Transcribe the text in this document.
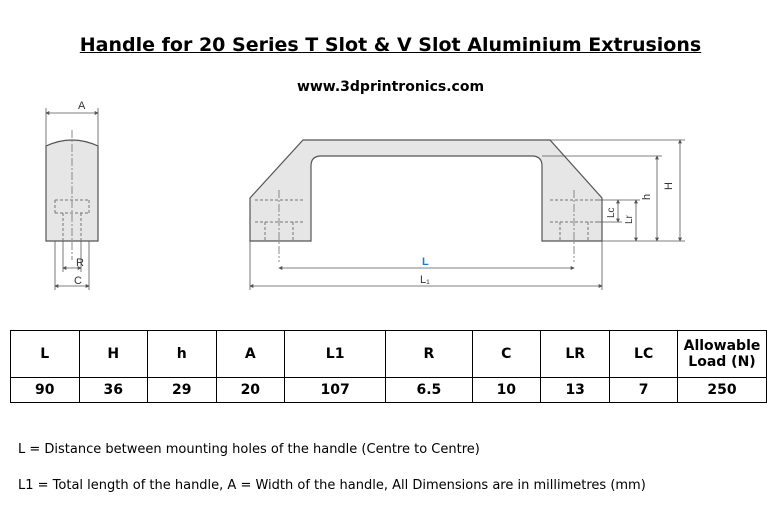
Handle for 20 Series T Slot & V Slot Aluminium Extrusions
www.3dprintronics.com
A
R
C
L
L₁
H
h
Lr
Lc
L	H	h	A	L1	R	C	LR	LC	Allowable Load (N)
90	36	29	20	107	6.5	10	13	7	250
L = Distance between mounting holes of the handle (Centre to Centre)
L1 = Total length of the handle, A = Width of the handle, All Dimensions are in millimetres (mm)
